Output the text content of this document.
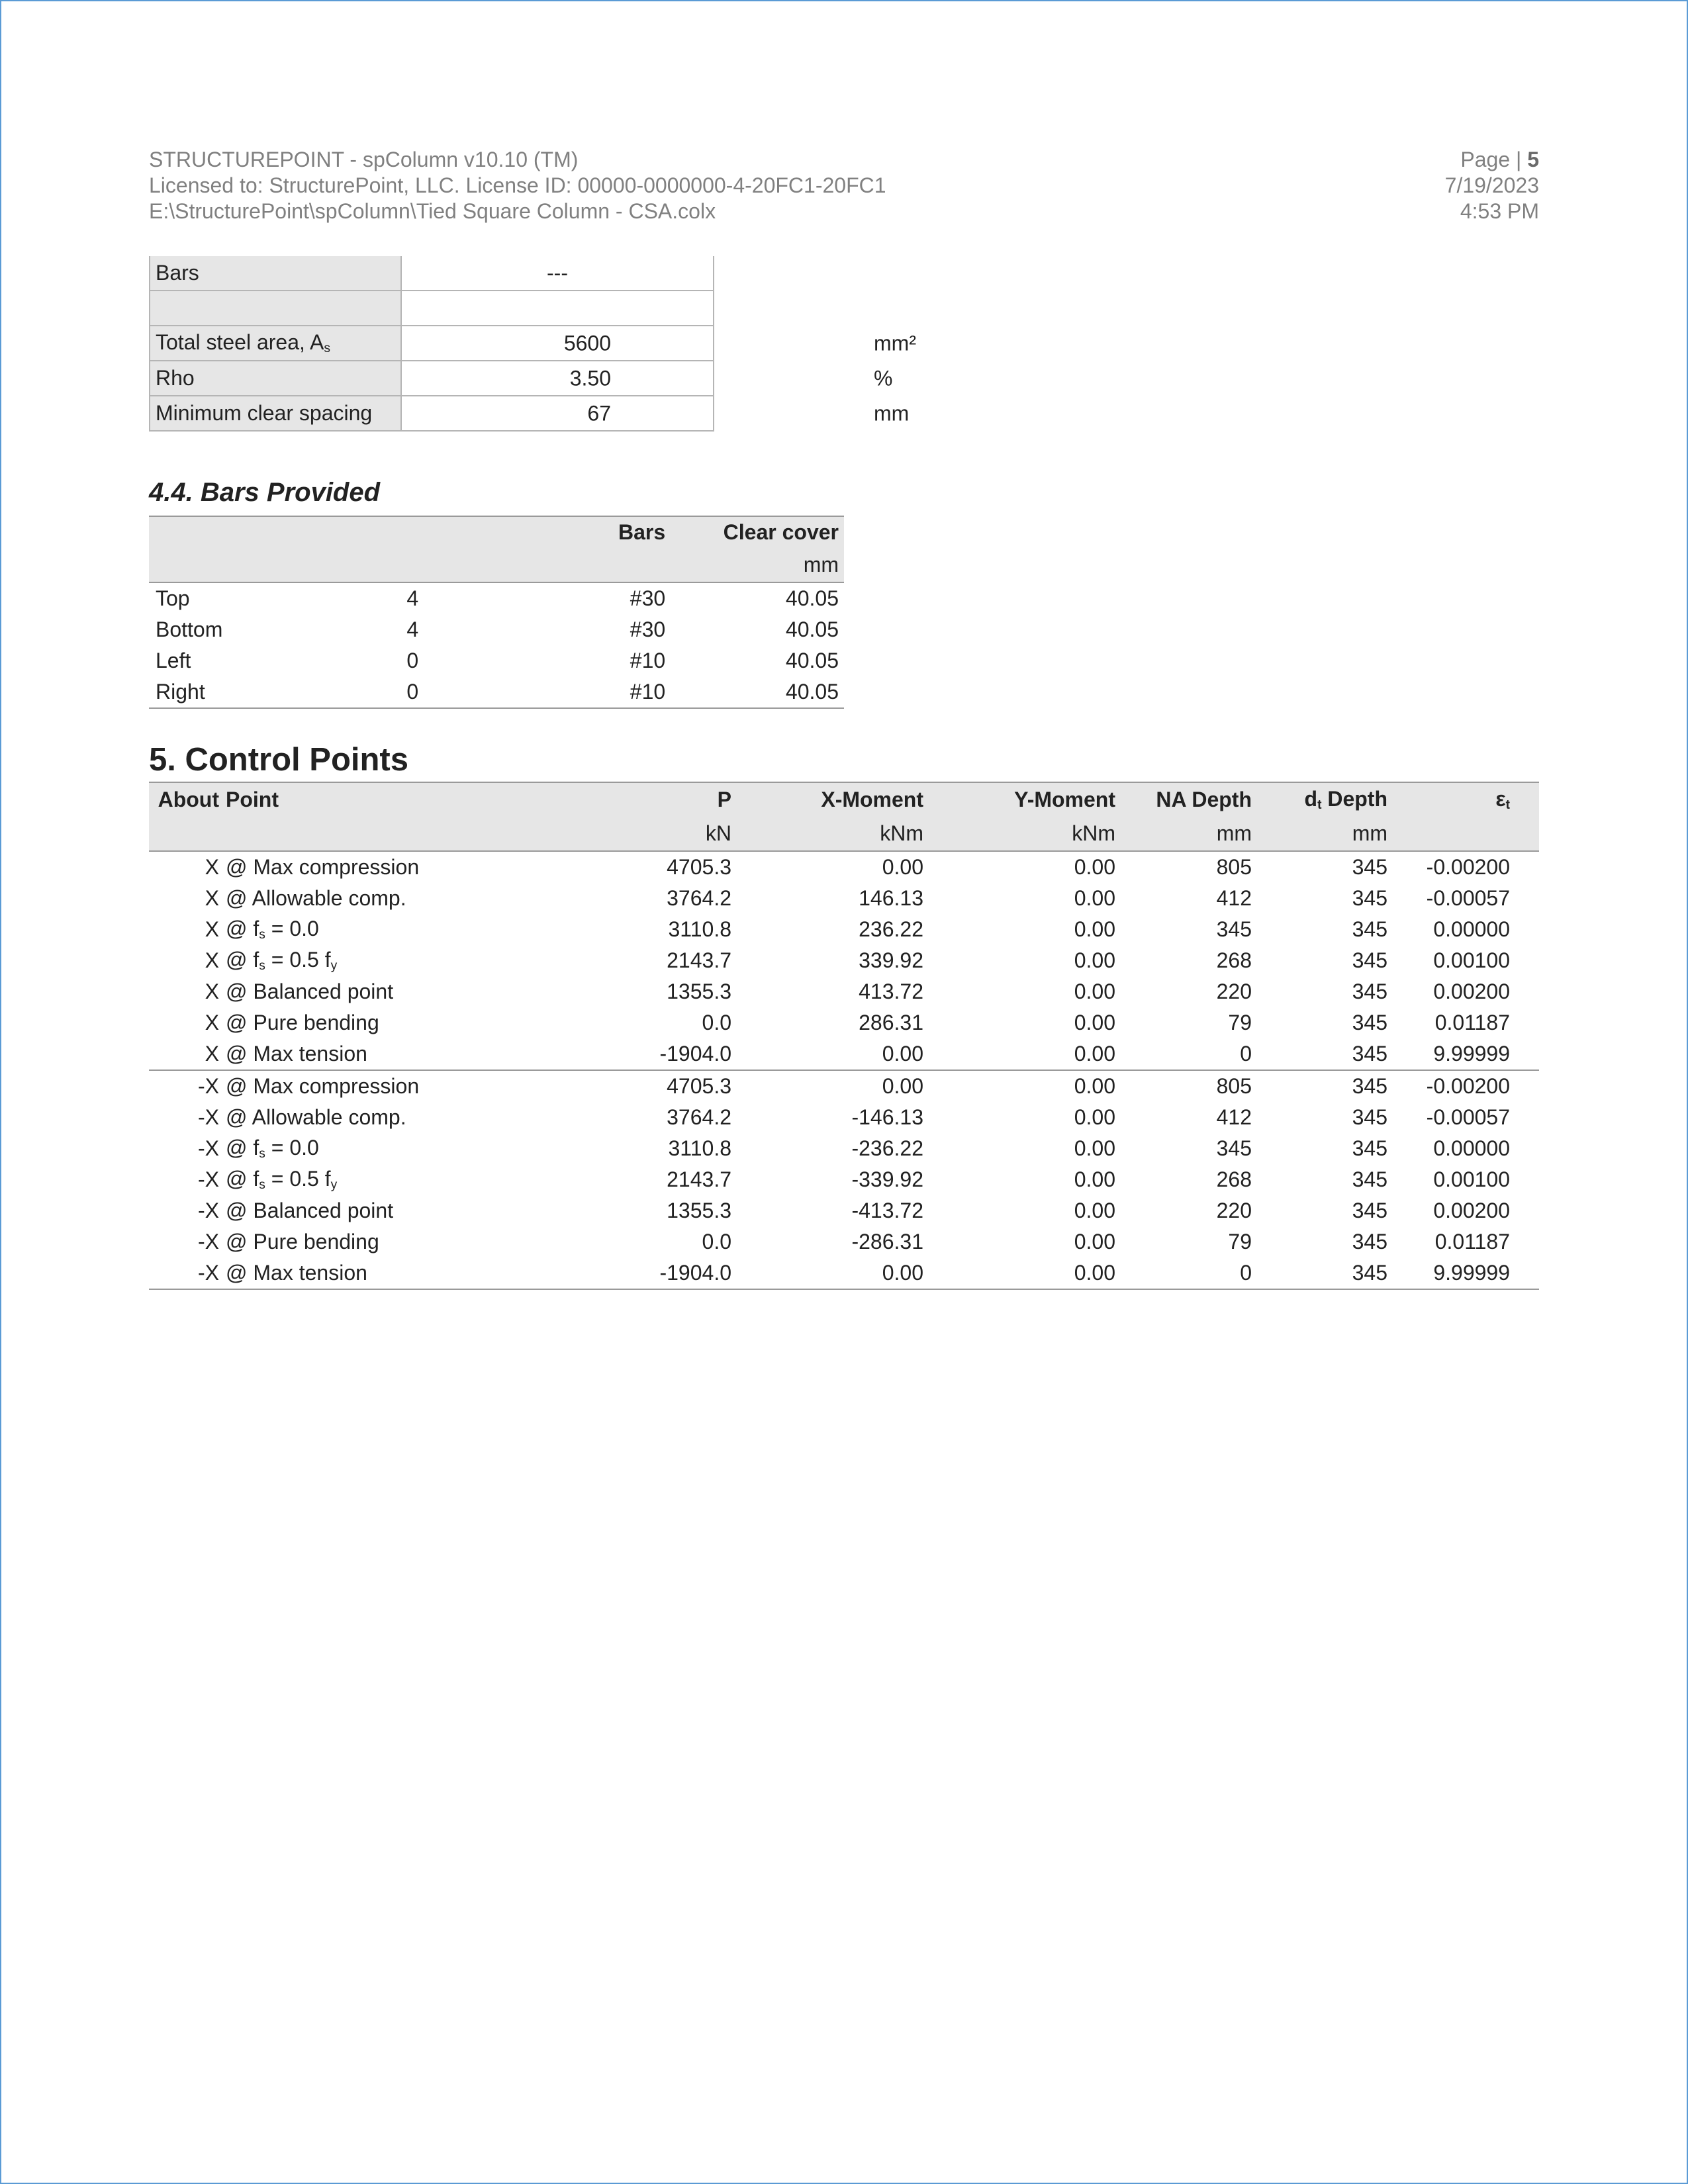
STRUCTUREPOINT - spColumn v10.10 (TM)	Page | 5
Licensed to: StructurePoint, LLC. License ID: 00000-0000000-4-20FC1-20FC1	7/19/2023
E:\StructurePoint\spColumn\Tied Square Column - CSA.colx	4:53 PM
Bars	---

Total steel area, $A_s$	5600 mm²

Rho	3.50 %

Minimum clear spacing	67 mm
4.4. Bars Provided
		Bars	Clear cover
			mm
Top	4	#30	40.05
Bottom	4	#30	40.05
Left	0	#10	40.05
Right	0	#10	40.05
5. Control Points
About	Point	P	X-Moment	Y-Moment	NA Depth	$d_t$ Depth	$\varepsilon_t$
		kN	kNm	kNm	mm	mm	
X	@ Max compression	4705.3	0.00	0.00	805	345	-0.00200
X	@ Allowable comp.	3764.2	146.13	0.00	412	345	-0.00057
X	@ $f_s = 0.0$	3110.8	236.22	0.00	345	345	0.00000
X	@ $f_s = 0.5$ $f_y$	2143.7	339.92	0.00	268	345	0.00100
X	@ Balanced point	1355.3	413.72	0.00	220	345	0.00200
X	@ Pure bending	0.0	286.31	0.00	79	345	0.01187
X	@ Max tension	-1904.0	0.00	0.00	0	345	9.99999
-X	@ Max compression	4705.3	0.00	0.00	805	345	-0.00200
-X	@ Allowable comp.	3764.2	-146.13	0.00	412	345	-0.00057
-X	@ $f_s = 0.0$	3110.8	-236.22	0.00	345	345	0.00000
-X	@ $f_s = 0.5$ $f_y$	2143.7	-339.92	0.00	268	345	0.00100
-X	@ Balanced point	1355.3	-413.72	0.00	220	345	0.00200
-X	@ Pure bending	0.0	-286.31	0.00	79	345	0.01187
-X	@ Max tension	-1904.0	0.00	0.00	0	345	9.99999
